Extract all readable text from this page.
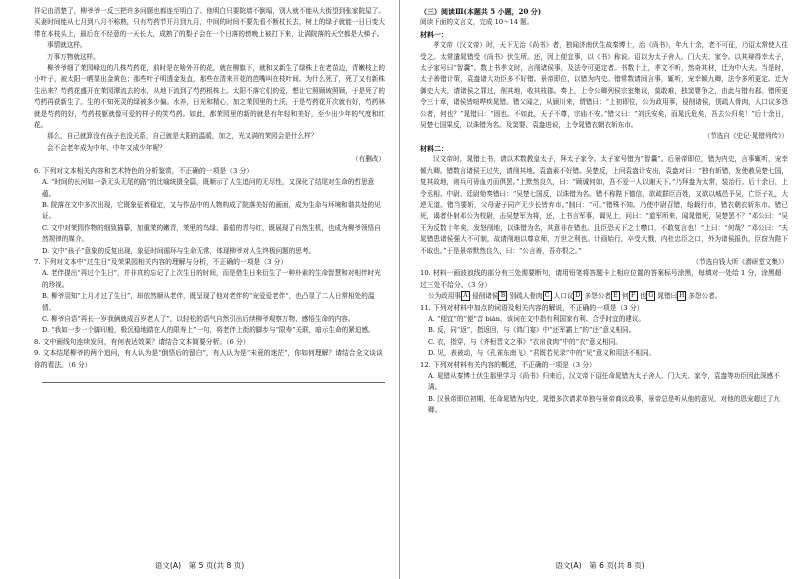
祥记由清楚了，柳爷爷一反三把许多问题也都连至明白了。他明白只要院墙不倒塌，别人就不能从大街望到张家院屋了。买妻时间能从七月到八月不称熟，只有芍药节开月到九月，中间的时间不要先看不断杖长去，树上的绿子就能一日日变大带在本枝头上，最后在不经意的一天长大，成熟了的梨子会在一个日落的傍晚上被打下来，让满院落的天空都是大梯子。

事情就这样。

万事万物就这样。

柳爷爷细了茉园峰边的几株芍药花，前时是在啥外开的花，就在柳旗下，就和又新生了绿株上在老苗边，青嫩枝上的小叶子，被太阳一晒显出金黄色；那些叶子明透金发直，那些在清来开花的芭嘴叫在枝叶间。为什么死了，死了又有新株生出来？芍药花盛开在茉园潭流去的水，从地下流到了芍药根株上。太阳不落它们的爱，想让它照顾坡照顾，于是死了的芍药再获新生了。生的不知死灵的绿被多少偏。水养，日光和精心，加之茉园里的土沃，于是芍药花开次就有好，芍药林就是芍药的好，芍药枝躯就像可爱的样子的笑芍药。如此，都茉园里的新的就是有年轻和美好，至少出少年的气度和红花。

那么，自己就算没有孩子也没关系，自己就是太阳的温暖，加之，光又满的茉园会是什么样？

会不会老年成为中年、中年又成少年呢？

（有删改）

6. 下列对文本相关内容和艺术特色的分析鉴赏，不正确的一项是（3 分）

A. “时间的长河如一条无头无尾的路”的比喻统摄全篇，既顺示了人生追问的无尽性，又深化了结尾对生命的哲思意蕴。

B. 院落在文中多次出现，它既象征着稳定，又与作品中的人物构成了院落美好的画面，成为生命与环境和谐共处的见证。

C. 文中对茉园作物的细致描摹，加重茉的嫩青，茉里的鸟绿、番茄的青与红，既展现了自然生机，也成为柳爷领悟自然规律的媒介。

D. 文中“孩子”意象的反复出现，象征时间循环与生命无常，体现柳爷对人生终极问题的思考。

7. 下列对文本中“过生日”及茉果园相关内容的理解与分析，不正确的一项是（3 分）

A. 老伴提出“再过个生日”，并非真的忘记了上次生日的时间，而是借生日来衍生了一种朴素的生命智慧和对相伴时光的珍视。

B. 柳爷羽知“上月才过了生日”，却依然顺从老伴，既呈现了他对老伴的“宠爱爱老伴”，也凸显了二人日常相处的温情。

C. 柳爷自语“再长一岁我俩就成百岁老人了”，以轻松的语气自然引出后续柳爷观察万物、感悟生命的内容。

D. “我如一步一个脚印般，极沉稳地踏在人的限寿上”一句，将老伴上街的脚步与“限寿”关联，暗示生命的紧迫感。

8. 文中画线句连续发问，有何表达效果？请结合文本简要分析。（6 分）

9. 文本结尾柳爷的两个追问，有人认为是“倒悟后的留白”，有人认为是“未竟的迷茫”，你如何理解？请结合全文谈谈你的看法。（6 分）

语文(A)　第 5 页(共 8 页)

（三）阅读Ⅲ(本题共 5 小题，20 分)

阅读下面的文言文，完成 10～14 题。

材料一：

孝文帝（汉文帝）时，天下无治《尚书》者，独闻济南伏生故秦博士，治《尚书》，年九十余，老不可征，乃诏太常使人往受之。太常遣晁错受《尚书》伏生所。还，因上便宜事，以《书》称说。诏以为太子舍人、门大夫、家令。以其辩得幸太子，太子家号曰“智囊”。数上书孝文时，言削诸侯事，及法令可更定者。书数十上，孝文不听，然奇其材，迁为中大夫。当是时，太子善错计策，袁盎诸大功臣多不好错。景帝即位，以错为内史。错常数请间言事，辄听，宠幸倾九卿，法令多所更定。迁为御史大夫，请诸侯之罪过，削其地，收其枝郡。奏上，上令公卿列侯宗室集议，莫敢难，独窦婴争之，由此与错有郄。错所更令三十章，诸侯皆喧哗疾晁错。错父闻之，从颍川来，谓错曰：“上初即位，公为政用事，侵削诸侯，别疏人骨肉，人口议多怨公者，何也？”晁错曰：“固也。不如此，天子不尊，宗庙不安。”错父曰：“刘氏安矣，而晁氏危矣，吾去公归矣！”后十余日，吴楚七国果反，以诛错为名。及窦婴、袁盎进说，上令晁错衣朝衣斩东市。

（节选自《史记·晁错列传》）

材料二：

汉文帝时，晁错上书，请以术数教皇太子，拜太子家令。太子家号错为“智囊”。后景帝即位，错为内史，言事辄听，宠幸倾九卿。错数言诸侯王过失，请削其地。袁盎素不好错。吴楚反，上问袁盎计安出，袁盎对曰：“独有斩错，发使赦吴楚七国，复其故地，则兵可毋血刃而俱罢。”上默然良久，曰：“顾诚何如，吾不爱一人以谢天下。”乃拜盎为太常，装治行。后十余日，上令丞相、中尉、廷尉劾奏错曰：“吴楚七国反，以诛错为名。错不称陛下德信，欲疏群臣百姓，又欲以城邑予吴，亡臣子礼，大逆无道。错当要斩，父母妻子同产无少长皆弃市。”制曰：“可。”错殊不知。乃使中尉召错，绐载行市，错衣朝衣斩东市。错已死，谒者仆射邓公为校尉，击吴楚军为将，还，上书言军事，谒见上，问曰：“道军所来，闻晁错死，吴楚罢不？”邓公曰：“吴王为反数十年矣，发怒削地，以诛错为名，其意非在错也。且臣恐天下之士噤口，不敢复言也！”上曰：“何哉？”邓公曰：“夫晁错患诸侯强大不可制，故请削地以尊京师，万世之利也。计画始行，卒受大戮，内杜忠臣之口，外为诸侯报仇，臣窃为陛下不取也。”于是景帝默然良久，曰：“公言善，吾亦恨之。”

（节选自钱大昕《潜研堂文集》）

10. 材料一画波浪线的部分有三处需要断句，请用铅笔将答题卡上相应位置的答案标号涂黑，每填对一处给 1 分，涂黑超过三处不给分。（3 分）

公为政用事 A 侵削诸侯 B 别疏人骨肉 C 人口议 D 多怨公者 E 何 F 也 G 晁错曰 H 多怨公者。

11. 下列对材料中加点的词语及相关内容的解说，不正确的一项是（3 分）

A. “便宜”的“便”音 biàn，该词在文中指有利国家有利、合乎时宜的建议。

B. 反，同“返”，指返回，与《鸿门宴》中“还军霸上”的“还”意义相同。

C. 衣，指穿，与《齐桓晋文之事》“衣帛食肉”中的“衣”意义相同。

D. 见，表被动，与《孔雀东南飞》“君既若见录”中的“见”意义和用法不相同。

12. 下列对材料有关内容的概述，不正确的一项是（3 分）

A. 晁错从秦博士伏生那里学习《尚书》归来后，汉文帝下诏任命晁错为太子舍人、门大夫、家令，袁盎等功臣因此深感不满。

B. 汉景帝即位初期，任命晁错为内史，晁错多次请求单独与景帝商议政事，景帝总是听从他的意见，对他的恩宠超过了九卿。

语文(A)　第 6 页(共 8 页)
